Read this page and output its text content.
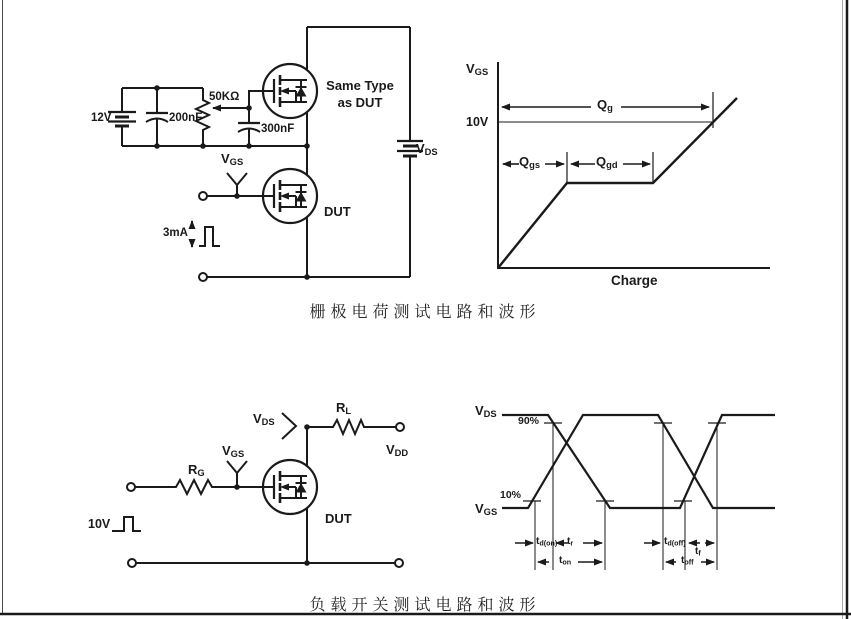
12V	200nF
50KΩ
300nF
$V_{GS}$
3mA
Same Type
as DUT
DUT
$V_{DS}$
$V_{GS}$
10V
$Q_g$
$Q_{gs}$	$Q_{gd}$
Charge
栅极电荷测试电路和波形
10V
$R_G$
$V_{GS}$
$V_{DS}$
$R_L$
$V_{DD}$
DUT
$V_{DS}$
90%
$V_{GS}$
10%
$t_{d(on)}$ $t_r$
$t_{on}$
$t_{d(off)}$
$t_f$
$t_{off}$
负载开关测试电路和波形
